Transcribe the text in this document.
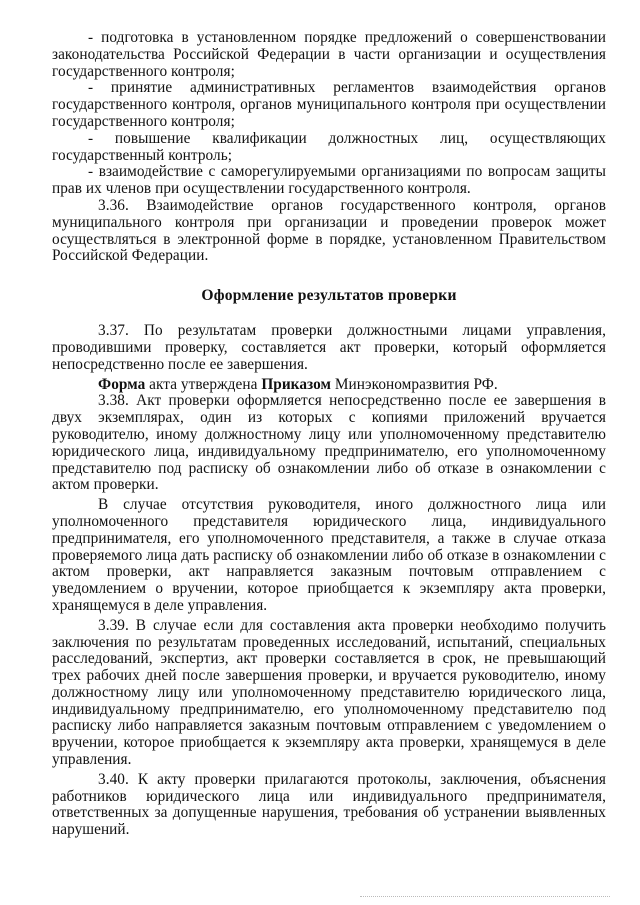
- подготовка в установленном порядке предложений о совершенствовании законодательства Российской Федерации в части организации и осуществления государственного контроля;

- принятие административных регламентов взаимодействия органов государственного контроля, органов муниципального контроля при осуществлении государственного контроля;

- повышение квалификации должностных лиц, осуществляющих государственный контроль;

- взаимодействие с саморегулируемыми организациями по вопросам защиты прав их членов при осуществлении государственного контроля.

3.36. Взаимодействие органов государственного контроля, органов муниципального контроля при организации и проведении проверок может осуществляться в электронной форме в порядке, установленном Правительством Российской Федерации.

Оформление результатов проверки

3.37. По результатам проверки должностными лицами управления, проводившими проверку, составляется акт проверки, который оформляется непосредственно после ее завершения.

Форма акта утверждена Приказом Минэкономразвития РФ.

3.38. Акт проверки оформляется непосредственно после ее завершения в двух экземплярах, один из которых с копиями приложений вручается руководителю, иному должностному лицу или уполномоченному представителю юридического лица, индивидуальному предпринимателю, его уполномоченному представителю под расписку об ознакомлении либо об отказе в ознакомлении с актом проверки.

В случае отсутствия руководителя, иного должностного лица или уполномоченного представителя юридического лица, индивидуального предпринимателя, его уполномоченного представителя, а также в случае отказа проверяемого лица дать расписку об ознакомлении либо об отказе в ознакомлении с актом проверки, акт направляется заказным почтовым отправлением с уведомлением о вручении, которое приобщается к экземпляру акта проверки, хранящемуся в деле управления.

3.39. В случае если для составления акта проверки необходимо получить заключения по результатам проведенных исследований, испытаний, специальных расследований, экспертиз, акт проверки составляется в срок, не превышающий трех рабочих дней после завершения проверки, и вручается руководителю, иному должностному лицу или уполномоченному представителю юридического лица, индивидуальному предпринимателю, его уполномоченному представителю под расписку либо направляется заказным почтовым отправлением с уведомлением о вручении, которое приобщается к экземпляру акта проверки, хранящемуся в деле управления.

3.40. К акту проверки прилагаются протоколы, заключения, объяснения работников юридического лица или индивидуального предпринимателя, ответственных за допущенные нарушения, требования об устранении выявленных нарушений.
